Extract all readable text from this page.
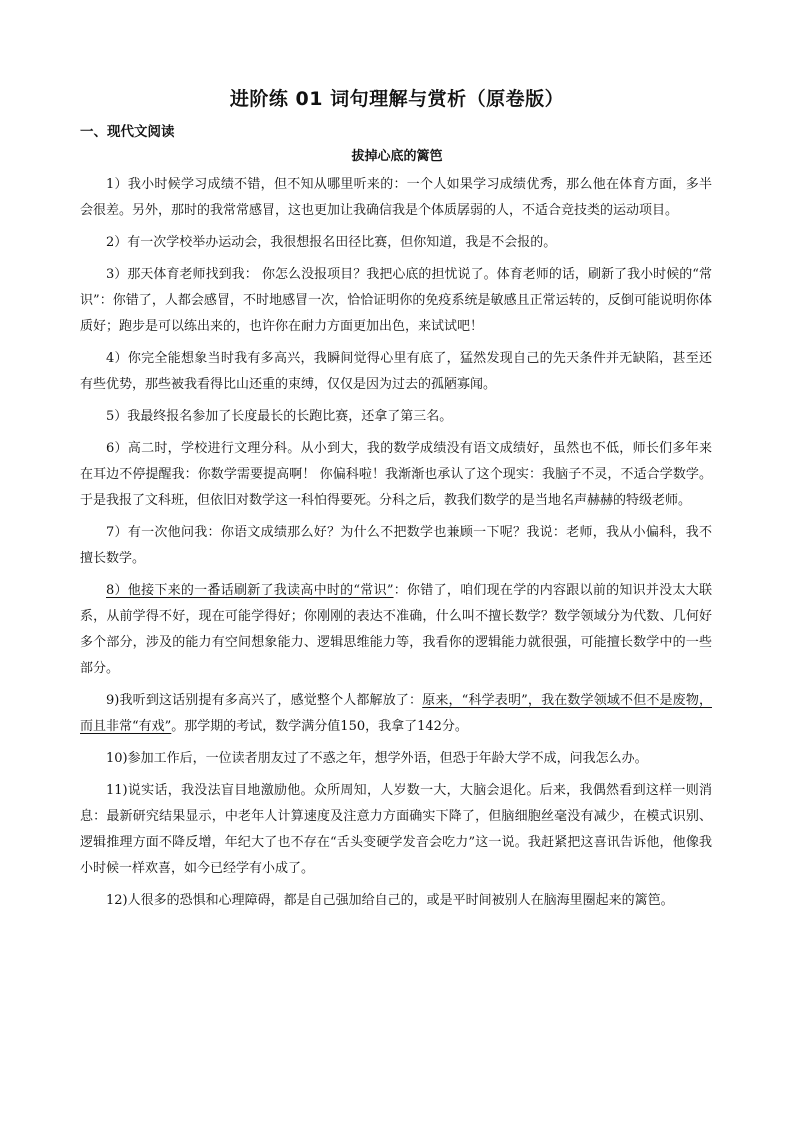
进阶练 01 词句理解与赏析（原卷版）
一、现代文阅读
拔掉心底的篱笆

1）我小时候学习成绩不错，但不知从哪里听来的：一个人如果学习成绩优秀，那么他在体育方面，多半会很差。另外，那时的我常常感冒，这也更加让我确信我是个体质孱弱的人，不适合竞技类的运动项目。

2）有一次学校举办运动会，我很想报名田径比赛，但你知道，我是不会报的。

3）那天体育老师找到我： 你怎么没报项目？我把心底的担忧说了。体育老师的话，刷新了我小时候的“常识”：你错了，人都会感冒，不时地感冒一次，恰恰证明你的免疫系统是敏感且正常运转的，反倒可能说明你体质好；跑步是可以练出来的，也许你在耐力方面更加出色，来试试吧！

4）你完全能想象当时我有多高兴，我瞬间觉得心里有底了，猛然发现自己的先天条件并无缺陷，甚至还有些优势，那些被我看得比山还重的束缚，仅仅是因为过去的孤陋寡闻。

5）我最终报名参加了长度最长的长跑比赛，还拿了第三名。

6）高二时，学校进行文理分科。从小到大，我的数学成绩没有语文成绩好，虽然也不低，师长们多年来在耳边不停提醒我：你数学需要提高啊！ 你偏科啦！我渐渐也承认了这个现实：我脑子不灵，不适合学数学。于是我报了文科班，但依旧对数学这一科怕得要死。分科之后，教我们数学的是当地名声赫赫的特级老师。

7）有一次他问我：你语文成绩那么好？为什么不把数学也兼顾一下呢？我说：老师，我从小偏科，我不擅长数学。

8）他接下来的一番话刷新了我读高中时的“常识”：你错了，咱们现在学的内容跟以前的知识并没太大联系，从前学得不好，现在可能学得好；你刚刚的表达不准确，什么叫不擅长数学？数学领域分为代数、几何好多个部分，涉及的能力有空间想象能力、逻辑思维能力等，我看你的逻辑能力就很强，可能擅长数学中的一些部分。

9)我听到这话别提有多高兴了，感觉整个人都解放了：原来，“科学表明”，我在数学领域不但不是废物，而且非常“有戏”。那学期的考试，数学满分值150，我拿了142分。

10)参加工作后，一位读者朋友过了不惑之年，想学外语，但恐于年龄大学不成，问我怎么办。

11)说实话，我没法盲目地激励他。众所周知，人岁数一大，大脑会退化。后来，我偶然看到这样一则消息：最新研究结果显示，中老年人计算速度及注意力方面确实下降了，但脑细胞丝毫没有减少，在模式识别、逻辑推理方面不降反增，年纪大了也不存在“舌头变硬学发音会吃力”这一说。我赶紧把这喜讯告诉他，他像我小时候一样欢喜，如今已经学有小成了。

12)人很多的恐惧和心理障碍，都是自己强加给自己的，或是平时间被别人在脑海里圈起来的篱笆。
